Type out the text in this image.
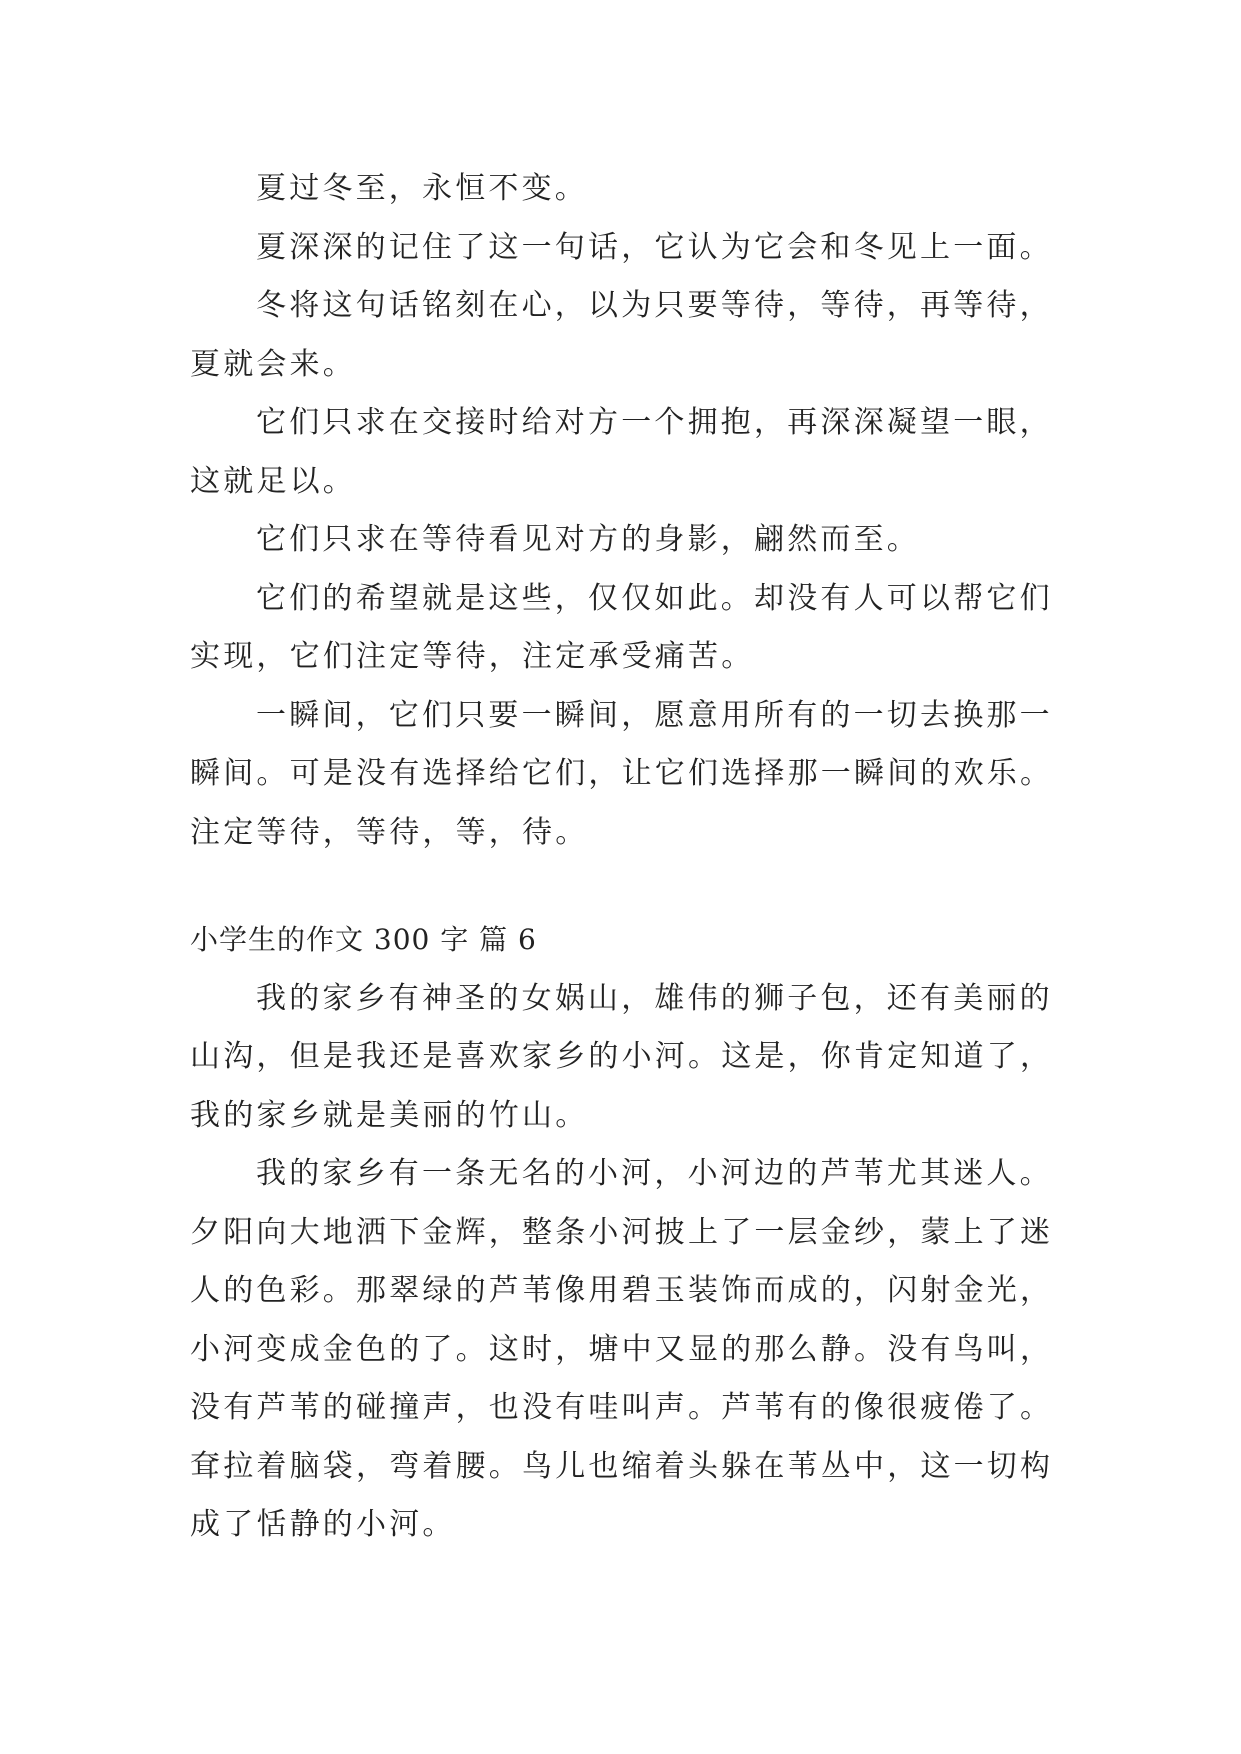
夏过冬至，永恒不变。
夏深深的记住了这一句话，它认为它会和冬见上一面。
冬将这句话铭刻在心，以为只要等待，等待，再等待，
夏就会来。
它们只求在交接时给对方一个拥抱，再深深凝望一眼，
这就足以。
它们只求在等待看见对方的身影，翩然而至。
它们的希望就是这些，仅仅如此。却没有人可以帮它们
实现，它们注定等待，注定承受痛苦。
一瞬间，它们只要一瞬间，愿意用所有的一切去换那一
瞬间。可是没有选择给它们，让它们选择那一瞬间的欢乐。
注定等待，等待，等，待。
小学生的作文 300 字 篇 6
我的家乡有神圣的女娲山，雄伟的狮子包，还有美丽的
山沟，但是我还是喜欢家乡的小河。这是，你肯定知道了，
我的家乡就是美丽的竹山。
我的家乡有一条无名的小河，小河边的芦苇尤其迷人。
夕阳向大地洒下金辉，整条小河披上了一层金纱，蒙上了迷
人的色彩。那翠绿的芦苇像用碧玉装饰而成的，闪射金光，
小河变成金色的了。这时，塘中又显的那么静。没有鸟叫，
没有芦苇的碰撞声，也没有哇叫声。芦苇有的像很疲倦了。
耷拉着脑袋，弯着腰。鸟儿也缩着头躲在苇丛中，这一切构
成了恬静的小河。
